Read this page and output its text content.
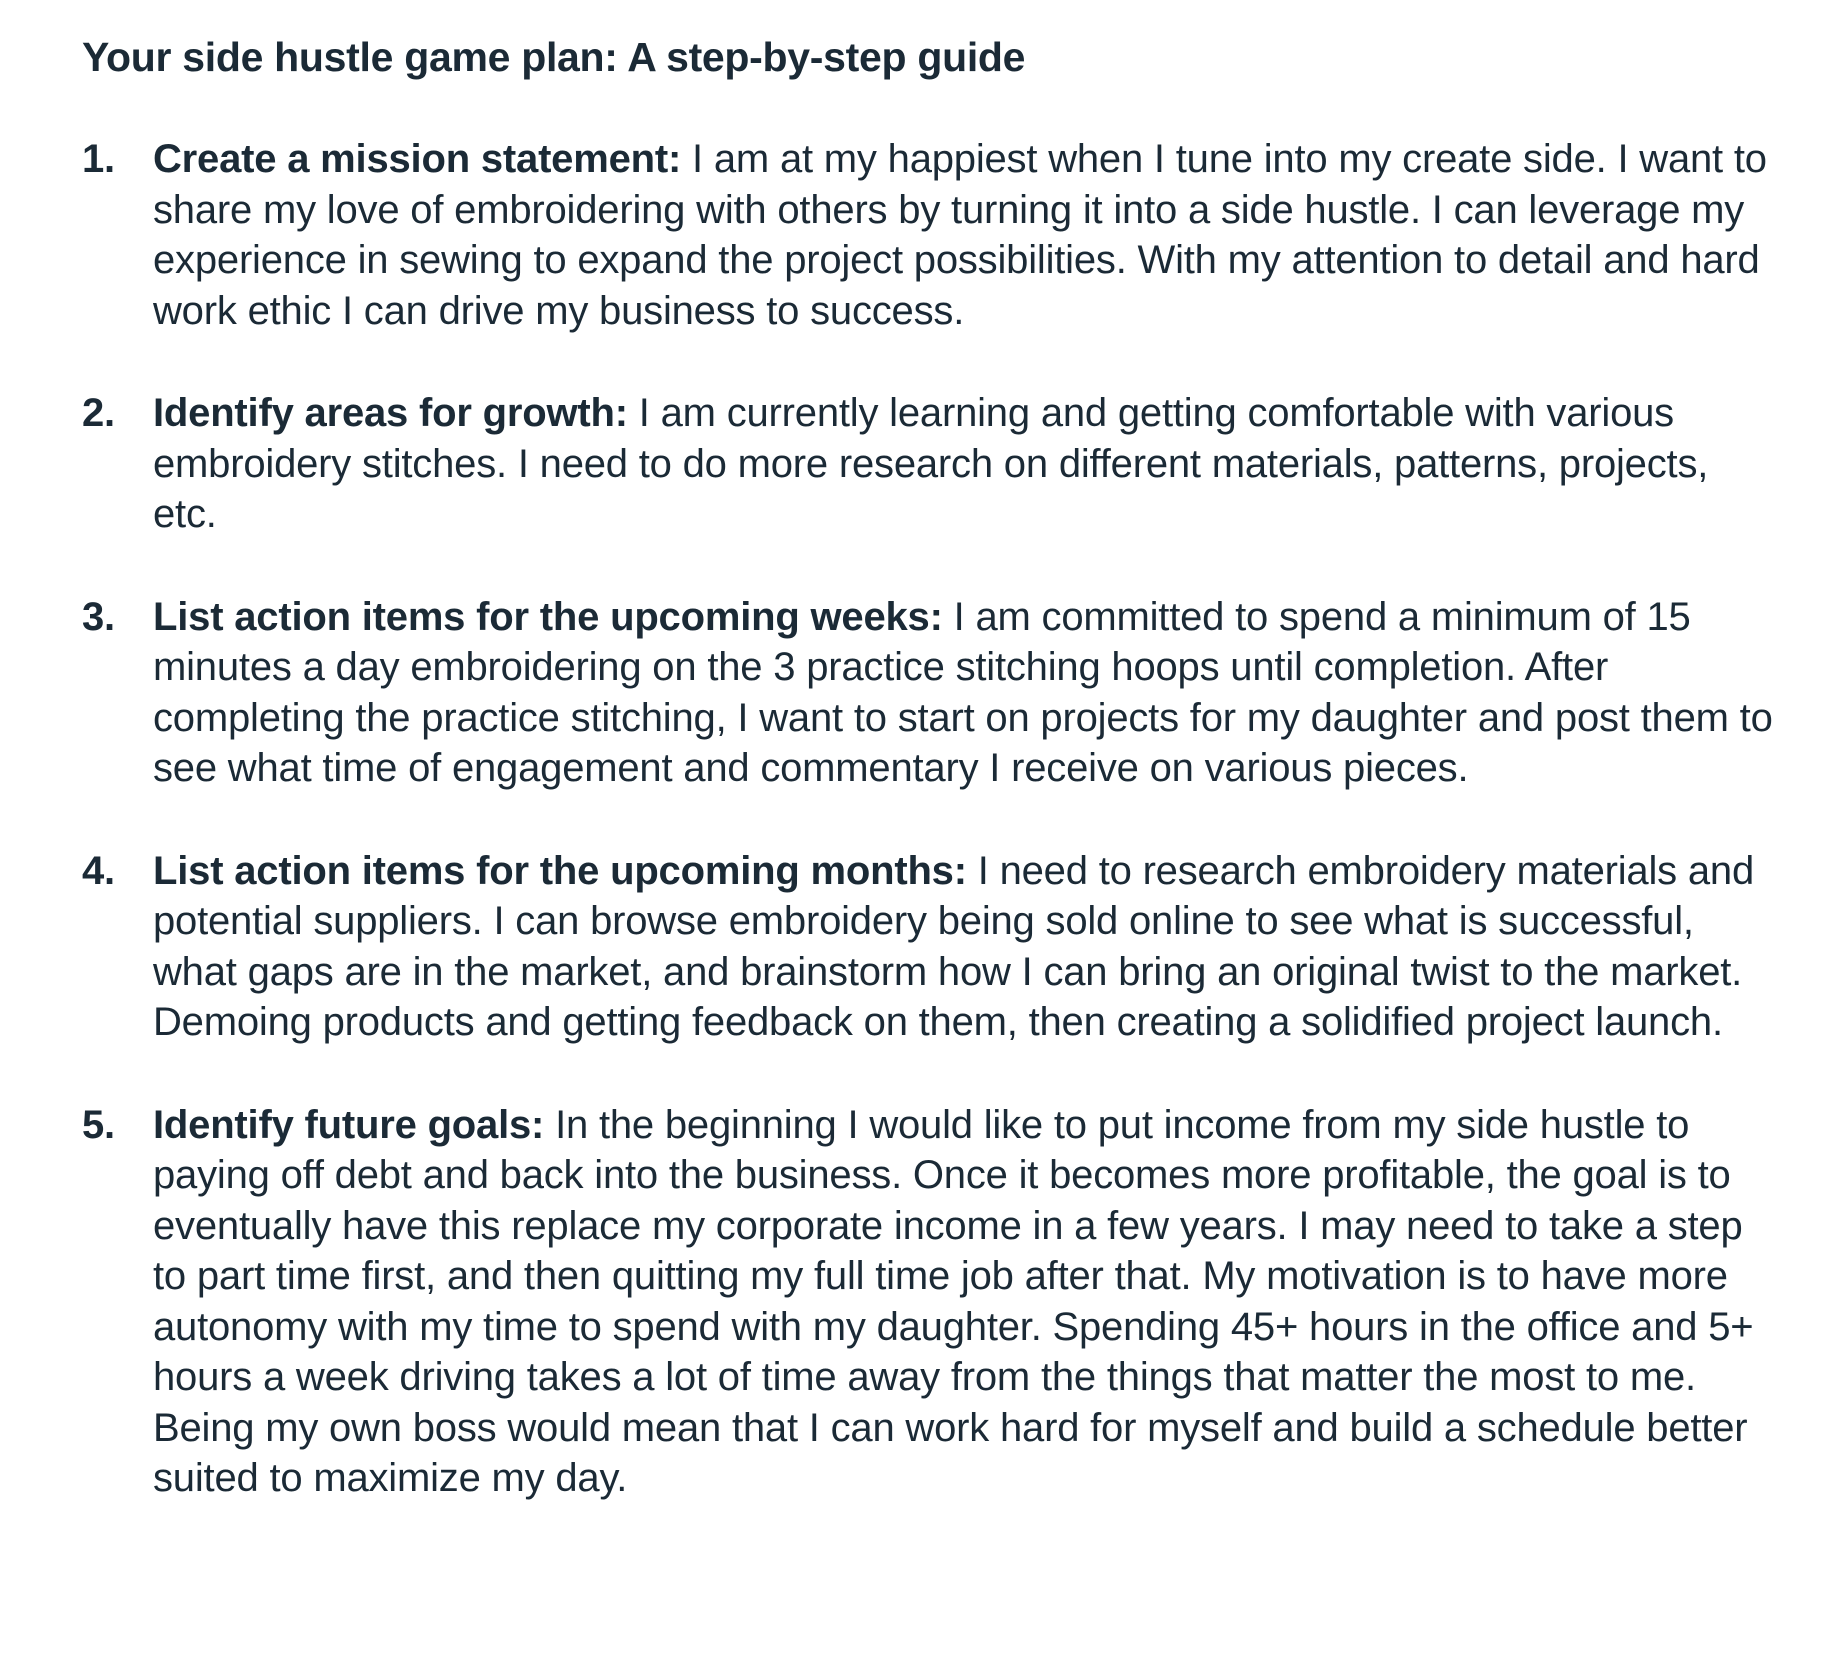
Your side hustle game plan: A step-by-step guide
1. Create a mission statement: I am at my happiest when I tune into my create side. I want to share my love of embroidering with others by turning it into a side hustle. I can leverage my experience in sewing to expand the project possibilities. With my attention to detail and hard work ethic I can drive my business to success.
2. Identify areas for growth: I am currently learning and getting comfortable with various embroidery stitches. I need to do more research on different materials, patterns, projects, etc.
3. List action items for the upcoming weeks: I am committed to spend a minimum of 15 minutes a day embroidering on the 3 practice stitching hoops until completion. After completing the practice stitching, I want to start on projects for my daughter and post them to see what time of engagement and commentary I receive on various pieces.
4. List action items for the upcoming months: I need to research embroidery materials and potential suppliers. I can browse embroidery being sold online to see what is successful, what gaps are in the market, and brainstorm how I can bring an original twist to the market. Demoing products and getting feedback on them, then creating a solidified project launch.
5. Identify future goals: In the beginning I would like to put income from my side hustle to paying off debt and back into the business. Once it becomes more profitable, the goal is to eventually have this replace my corporate income in a few years. I may need to take a step to part time first, and then quitting my full time job after that. My motivation is to have more autonomy with my time to spend with my daughter. Spending 45+ hours in the office and 5+ hours a week driving takes a lot of time away from the things that matter the most to me. Being my own boss would mean that I can work hard for myself and build a schedule better suited to maximize my day.
